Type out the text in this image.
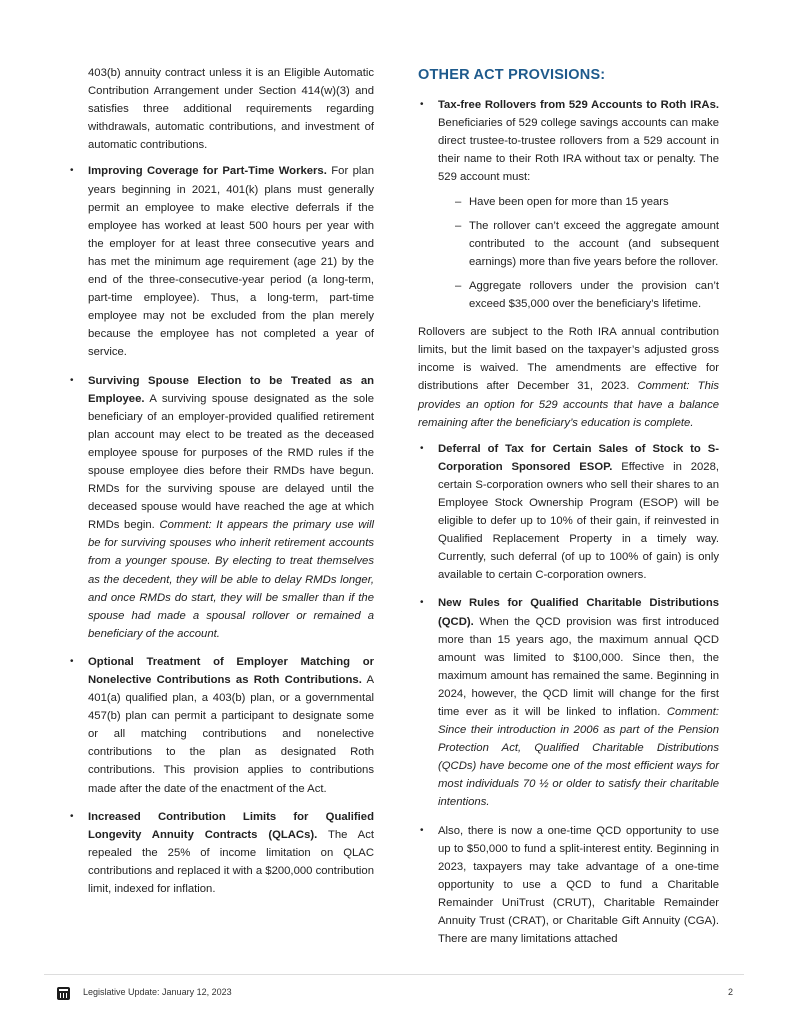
403(b) annuity contract unless it is an Eligible Automatic Contribution Arrangement under Section 414(w)(3) and satisfies three additional requirements regarding withdrawals, automatic contributions, and investment of automatic contributions.

• Improving Coverage for Part-Time Workers. For plan years beginning in 2021, 401(k) plans must generally permit an employee to make elective deferrals if the employee has worked at least 500 hours per year with the employer for at least three consecutive years and has met the minimum age requirement (age 21) by the end of the three-consecutive-year period (a long-term, part-time employee). Thus, a long-term, part-time employee may not be excluded from the plan merely because the employee has not completed a year of service.
• Surviving Spouse Election to be Treated as an Employee. A surviving spouse designated as the sole beneficiary of an employer-provided qualified retirement plan account may elect to be treated as the deceased employee spouse for purposes of the RMD rules if the spouse employee dies before their RMDs have begun. RMDs for the surviving spouse are delayed until the deceased spouse would have reached the age at which RMDs begin. Comment: It appears the primary use will be for surviving spouses who inherit retirement accounts from a younger spouse. By electing to treat themselves as the decedent, they will be able to delay RMDs longer, and once RMDs do start, they will be smaller than if the spouse had made a spousal rollover or remained a beneficiary of the account.
• Optional Treatment of Employer Matching or Nonelective Contributions as Roth Contributions. A 401(a) qualified plan, a 403(b) plan, or a governmental 457(b) plan can permit a participant to designate some or all matching contributions and nonelective contributions to the plan as designated Roth contributions. This provision applies to contributions made after the date of the enactment of the Act.
• Increased Contribution Limits for Qualified Longevity Annuity Contracts (QLACs). The Act repealed the 25% of income limitation on QLAC contributions and replaced it with a $200,000 contribution limit, indexed for inflation.
OTHER ACT PROVISIONS:
• Tax-free Rollovers from 529 Accounts to Roth IRAs. Beneficiaries of 529 college savings accounts can make direct trustee-to-trustee rollovers from a 529 account in their name to their Roth IRA without tax or penalty. The 529 account must:
– Have been open for more than 15 years
– The rollover can’t exceed the aggregate amount contributed to the account (and subsequent earnings) more than five years before the rollover.
– Aggregate rollovers under the provision can’t exceed $35,000 over the beneficiary’s lifetime.

Rollovers are subject to the Roth IRA annual contribution limits, but the limit based on the taxpayer’s adjusted gross income is waived. The amendments are effective for distributions after December 31, 2023. Comment: This provides an option for 529 accounts that have a balance remaining after the beneficiary’s education is complete.

• Deferral of Tax for Certain Sales of Stock to S-Corporation Sponsored ESOP. Effective in 2028, certain S-corporation owners who sell their shares to an Employee Stock Ownership Program (ESOP) will be eligible to defer up to 10% of their gain, if reinvested in Qualified Replacement Property in a timely way. Currently, such deferral (of up to 100% of gain) is only available to certain C-corporation owners.
• New Rules for Qualified Charitable Distributions (QCD). When the QCD provision was first introduced more than 15 years ago, the maximum annual QCD amount was limited to $100,000. Since then, the maximum amount has remained the same. Beginning in 2024, however, the QCD limit will change for the first time ever as it will be linked to inflation. Comment: Since their introduction in 2006 as part of the Pension Protection Act, Qualified Charitable Distributions (QCDs) have become one of the most efficient ways for most individuals 70 ½ or older to satisfy their charitable intentions.
• Also, there is now a one-time QCD opportunity to use up to $50,000 to fund a split-interest entity. Beginning in 2023, taxpayers may take advantage of a one-time opportunity to use a QCD to fund a Charitable Remainder UniTrust (CRUT), Charitable Remainder Annuity Trust (CRAT), or Charitable Gift Annuity (CGA). There are many limitations attached
Legislative Update: January 12, 2023	2
